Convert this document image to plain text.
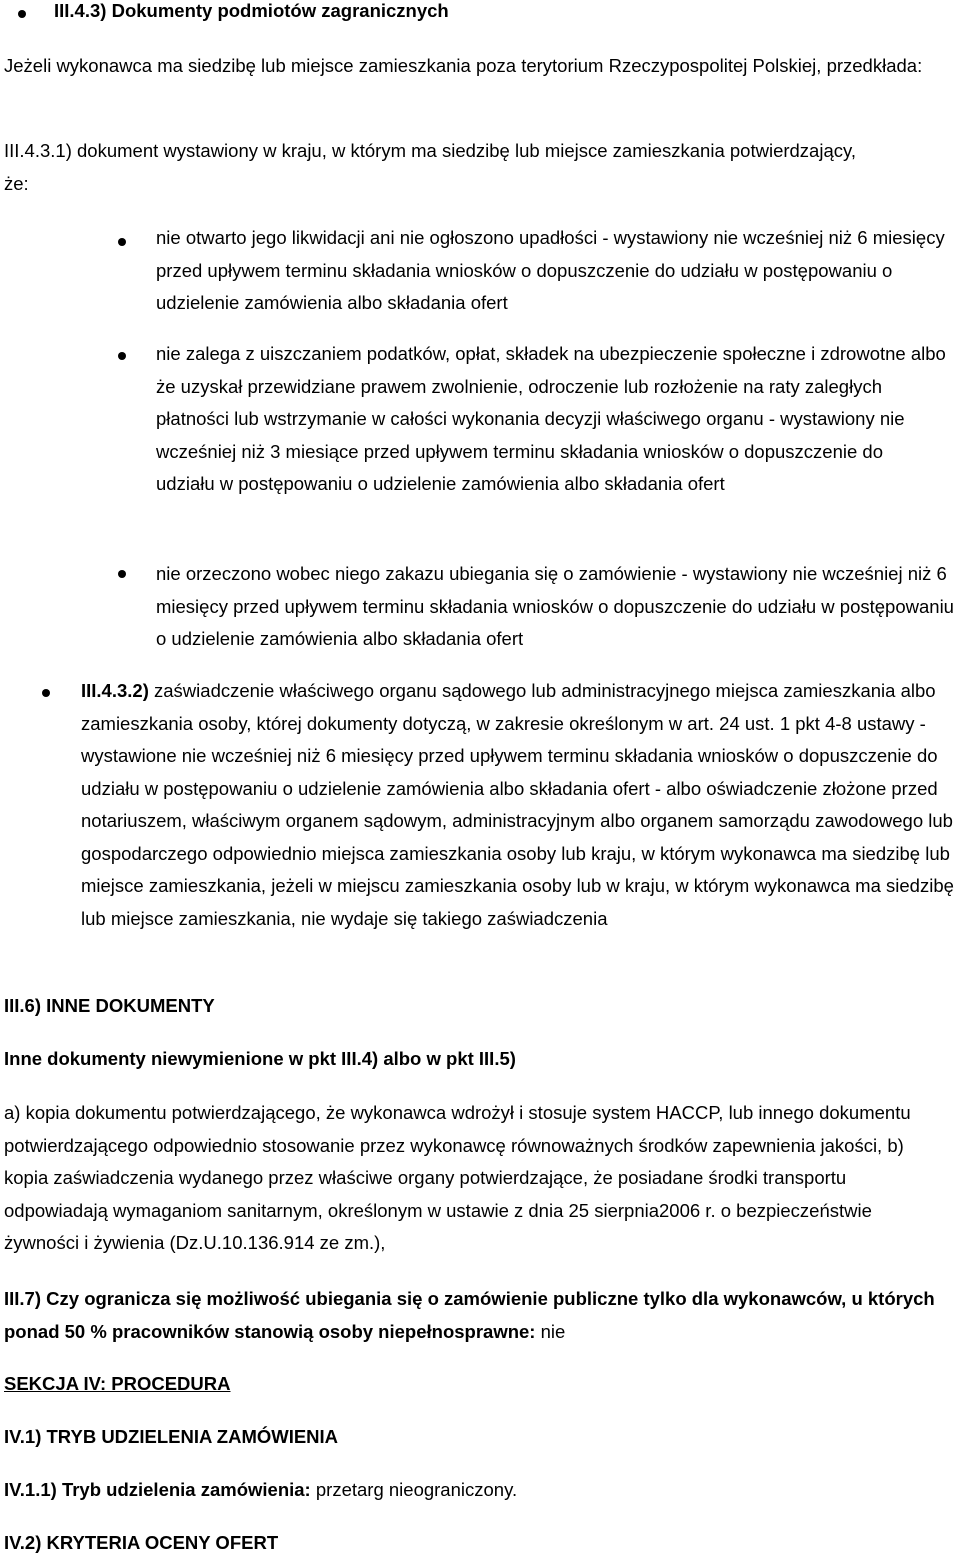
III.4.3) Dokumenty podmiotów zagranicznych
Jeżeli wykonawca ma siedzibę lub miejsce zamieszkania poza terytorium Rzeczypospolitej Polskiej, przedkłada:
III.4.3.1) dokument wystawiony w kraju, w którym ma siedzibę lub miejsce zamieszkania potwierdzający, że:
nie otwarto jego likwidacji ani nie ogłoszono upadłości - wystawiony nie wcześniej niż 6 miesięcy przed upływem terminu składania wniosków o dopuszczenie do udziału w postępowaniu o udzielenie zamówienia albo składania ofert
nie zalega z uiszczaniem podatków, opłat, składek na ubezpieczenie społeczne i zdrowotne albo że uzyskał przewidziane prawem zwolnienie, odroczenie lub rozłożenie na raty zaległych płatności lub wstrzymanie w całości wykonania decyzji właściwego organu - wystawiony nie wcześniej niż 3 miesiące przed upływem terminu składania wniosków o dopuszczenie do udziału w postępowaniu o udzielenie zamówienia albo składania ofert
nie orzeczono wobec niego zakazu ubiegania się o zamówienie - wystawiony nie wcześniej niż 6 miesięcy przed upływem terminu składania wniosków o dopuszczenie do udziału w postępowaniu o udzielenie zamówienia albo składania ofert
III.4.3.2) zaświadczenie właściwego organu sądowego lub administracyjnego miejsca zamieszkania albo zamieszkania osoby, której dokumenty dotyczą, w zakresie określonym w art. 24 ust. 1 pkt 4-8 ustawy - wystawione nie wcześniej niż 6 miesięcy przed upływem terminu składania wniosków o dopuszczenie do udziału w postępowaniu o udzielenie zamówienia albo składania ofert - albo oświadczenie złożone przed notariuszem, właściwym organem sądowym, administracyjnym albo organem samorządu zawodowego lub gospodarczego odpowiednio miejsca zamieszkania osoby lub kraju, w którym wykonawca ma siedzibę lub miejsce zamieszkania, jeżeli w miejscu zamieszkania osoby lub w kraju, w którym wykonawca ma siedzibę lub miejsce zamieszkania, nie wydaje się takiego zaświadczenia
III.6) INNE DOKUMENTY
Inne dokumenty niewymienione w pkt III.4) albo w pkt III.5)
a) kopia dokumentu potwierdzającego, że wykonawca wdrożył i stosuje system HACCP, lub innego dokumentu potwierdzającego odpowiednio stosowanie przez wykonawcę równoważnych środków zapewnienia jakości, b) kopia zaświadczenia wydanego przez właściwe organy potwierdzające, że posiadane środki transportu odpowiadają wymaganiom sanitarnym, określonym w ustawie z dnia 25 sierpnia2006 r. o bezpieczeństwie żywności i żywienia (Dz.U.10.136.914 ze zm.),
III.7) Czy ogranicza się możliwość ubiegania się o zamówienie publiczne tylko dla wykonawców, u których ponad 50 % pracowników stanowią osoby niepełnosprawne: nie
SEKCJA IV: PROCEDURA
IV.1) TRYB UDZIELENIA ZAMÓWIENIA
IV.1.1) Tryb udzielenia zamówienia: przetarg nieograniczony.
IV.2) KRYTERIA OCENY OFERT
